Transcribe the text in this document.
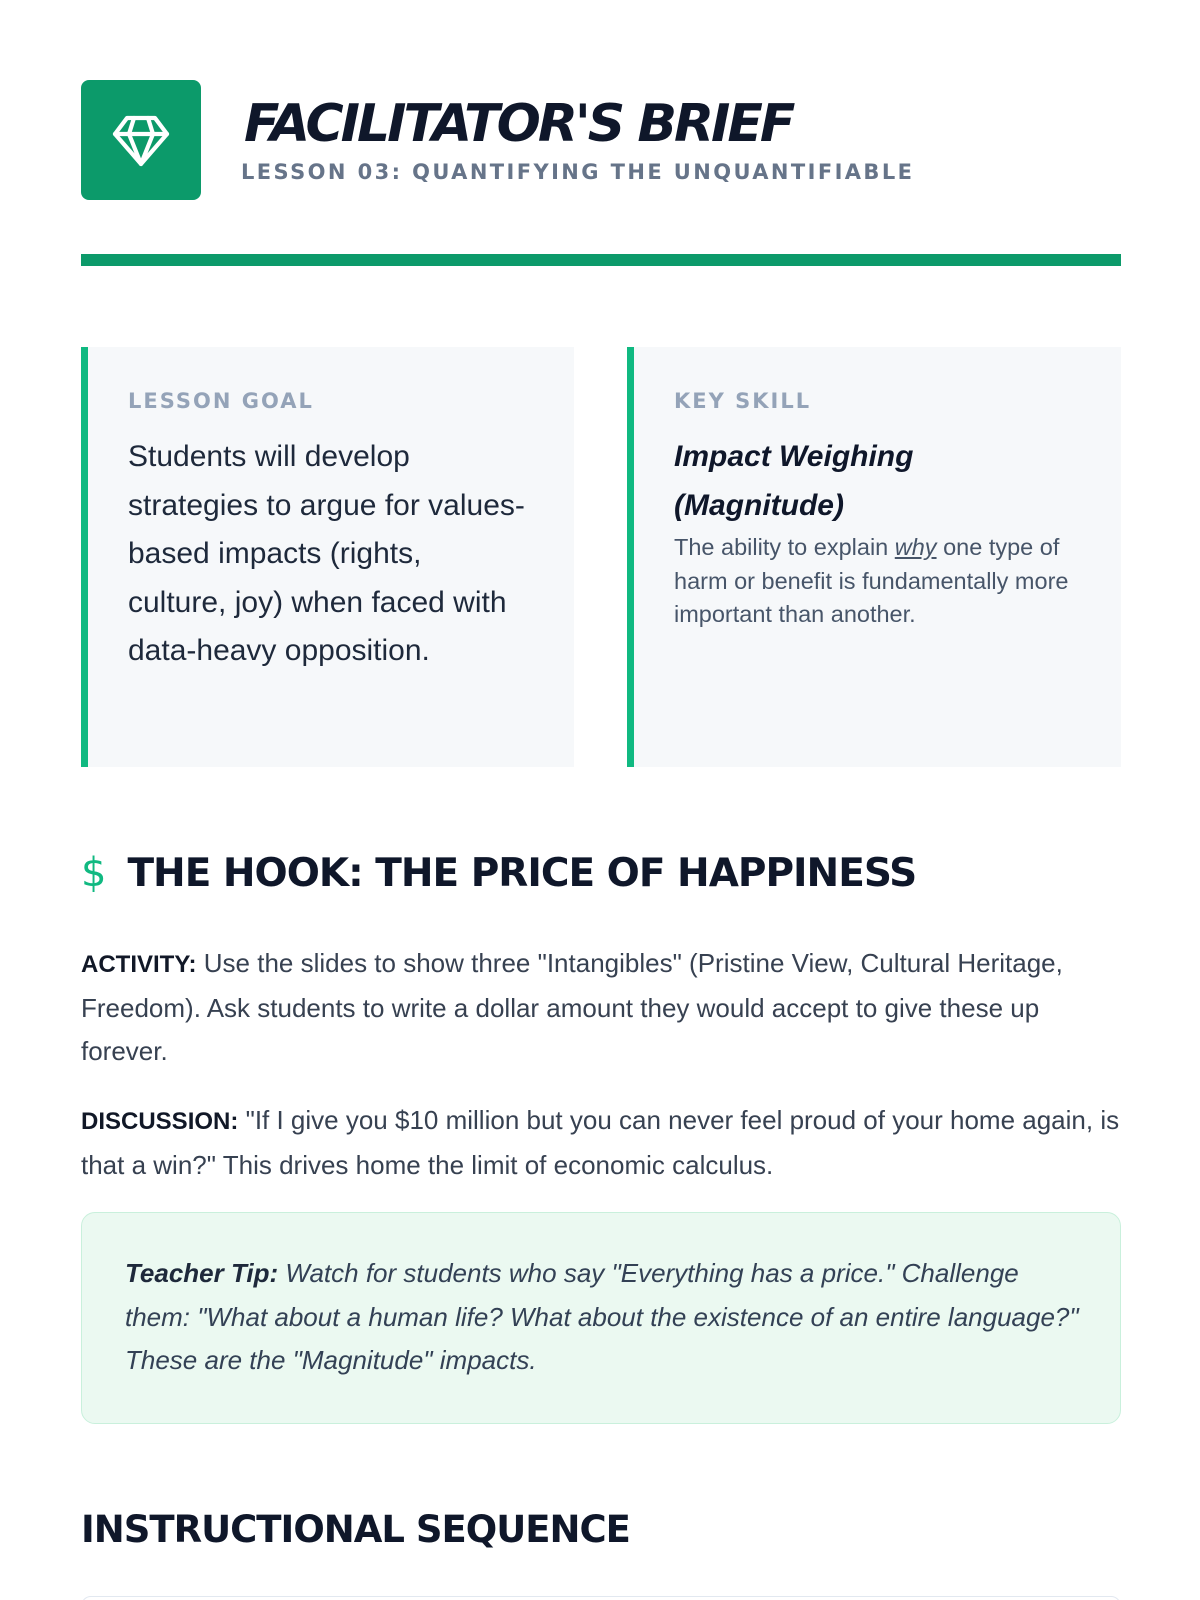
FACILITATOR'S BRIEF
LESSON 03: QUANTIFYING THE UNQUANTIFIABLE
LESSON GOAL
Students will develop strategies to argue for values-based impacts (rights, culture, joy) when faced with data-heavy opposition.
KEY SKILL
Impact Weighing (Magnitude)
The ability to explain why one type of harm or benefit is fundamentally more important than another.
$ THE HOOK: THE PRICE OF HAPPINESS

ACTIVITY: Use the slides to show three "Intangibles" (Pristine View, Cultural Heritage, Freedom). Ask students to write a dollar amount they would accept to give these up forever.

DISCUSSION: "If I give you $10 million but you can never feel proud of your home again, is that a win?" This drives home the limit of economic calculus.

Teacher Tip: Watch for students who say "Everything has a price." Challenge them: "What about a human life? What about the existence of an entire language?" These are the "Magnitude" impacts.
INSTRUCTIONAL SEQUENCE
